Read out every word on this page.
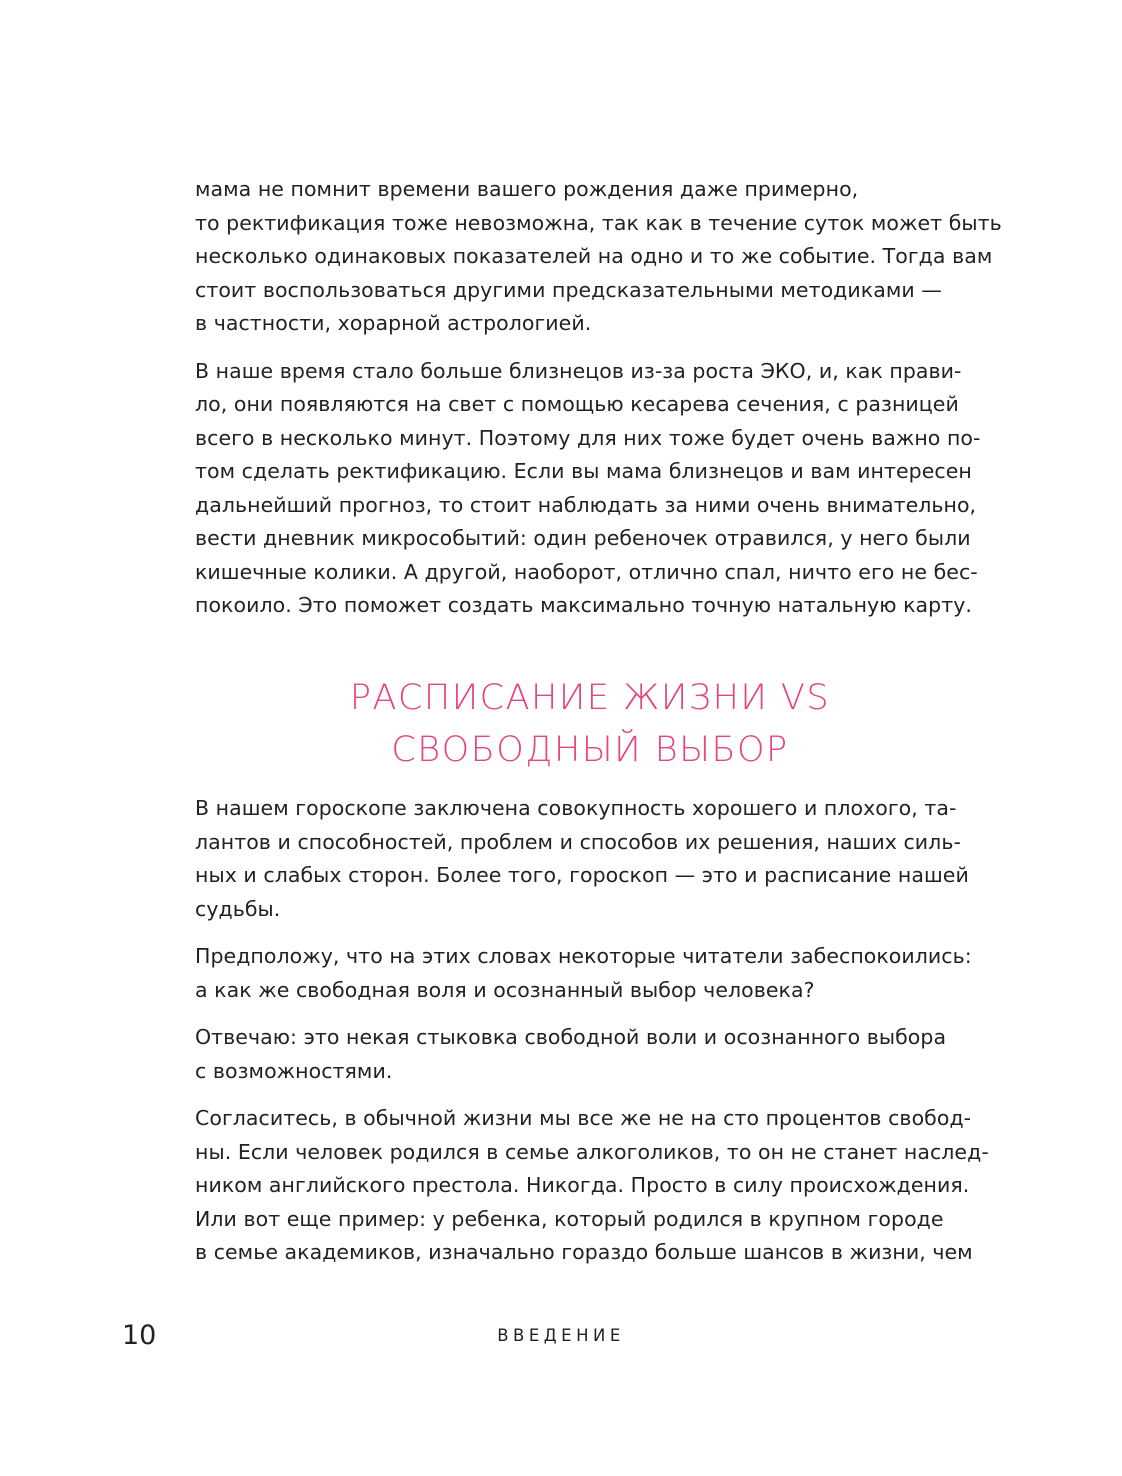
мама не помнит времени вашего рождения даже примерно,
то ректификация тоже невозможна, так как в течение суток может быть
несколько одинаковых показателей на одно и то же событие. Тогда вам
стоит воспользоваться другими предсказательными методиками —
в частности, хорарной астрологией.

В наше время стало больше близнецов из-за роста ЭКО, и, как прави-
ло, они появляются на свет с помощью кесарева сечения, с разницей
всего в несколько минут. Поэтому для них тоже будет очень важно по-
том сделать ректификацию. Если вы мама близнецов и вам интересен
дальнейший прогноз, то стоит наблюдать за ними очень внимательно,
вести дневник микрособытий: один ребеночек отравился, у него были
кишечные колики. А другой, наоборот, отлично спал, ничто его не бес-
покоило. Это поможет создать максимально точную натальную карту.

РАСПИСАНИЕ ЖИЗНИ VS
СВОБОДНЫЙ ВЫБОР

В нашем гороскопе заключена совокупность хорошего и плохого, та-
лантов и способностей, проблем и способов их решения, наших силь-
ных и слабых сторон. Более того, гороскоп — это и расписание нашей
судьбы.

Предположу, что на этих словах некоторые читатели забеспокоились:
а как же свободная воля и осознанный выбор человека?

Отвечаю: это некая стыковка свободной воли и осознанного выбора
с возможностями.

Согласитесь, в обычной жизни мы все же не на сто процентов свобод-
ны. Если человек родился в семье алкоголиков, то он не станет наслед-
ником английского престола. Никогда. Просто в силу происхождения.
Или вот еще пример: у ребенка, который родился в крупном городе
в семье академиков, изначально гораздо больше шансов в жизни, чем

10	ВВЕДЕНИЕ
